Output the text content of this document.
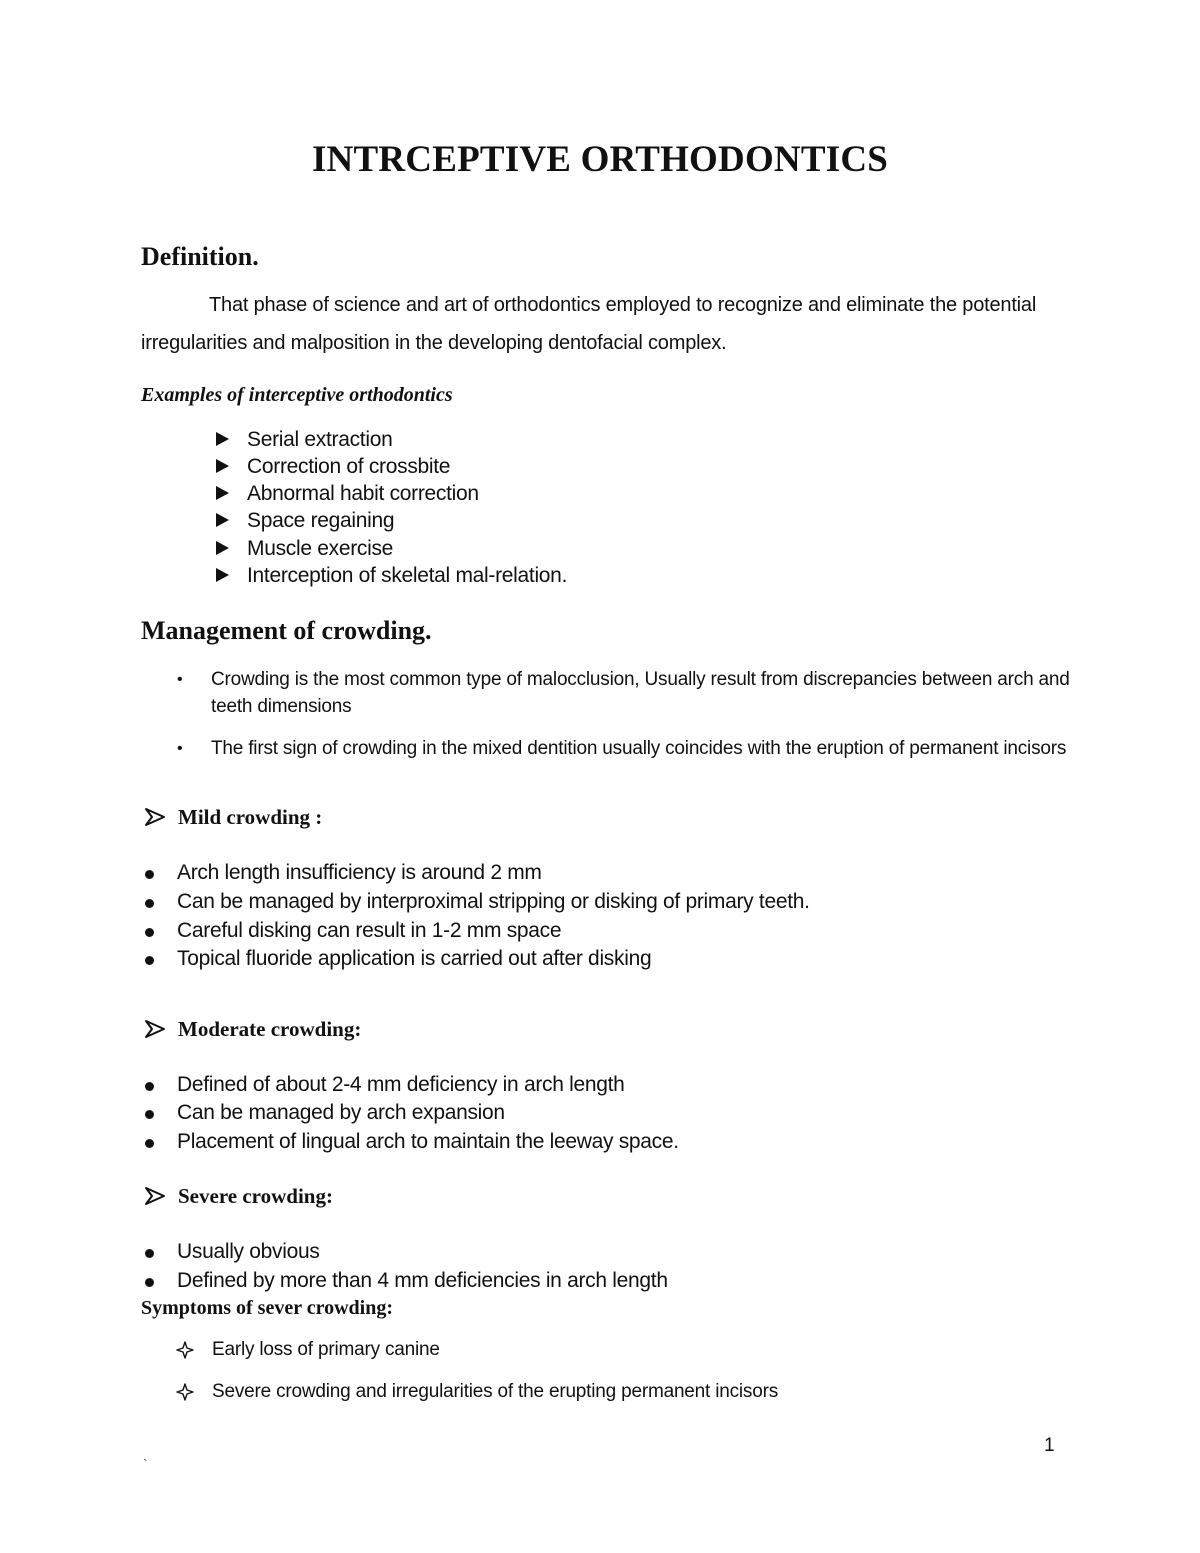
INTRCEPTIVE ORTHODONTICS
Definition.

That phase of science and art of orthodontics employed to recognize and eliminate the potential

irregularities and malposition in the developing dentofacial complex.

Examples of interceptive orthodontics

Serial extraction
Correction of crossbite
Abnormal habit correction
Space regaining
Muscle exercise
Interception of skeletal mal-relation.
Management of crowding.
• Crowding is the most common type of malocclusion, Usually result from discrepancies between arch and teeth dimensions
• The first sign of crowding in the mixed dentition usually coincides with the eruption of permanent incisors
Mild crowding :
Arch length insufficiency is around 2 mm
Can be managed by interproximal stripping or disking of primary teeth.
Careful disking can result in 1-2 mm space
Topical fluoride application is carried out after disking
Moderate crowding:
Defined of about 2-4 mm deficiency in arch length
Can be managed by arch expansion
Placement of lingual arch to maintain the leeway space.
Severe crowding:
Usually obvious
Defined by more than 4 mm deficiencies in arch length

Symptoms of sever crowding:

Early loss of primary canine
Severe crowding and irregularities of the erupting permanent incisors
1
`
